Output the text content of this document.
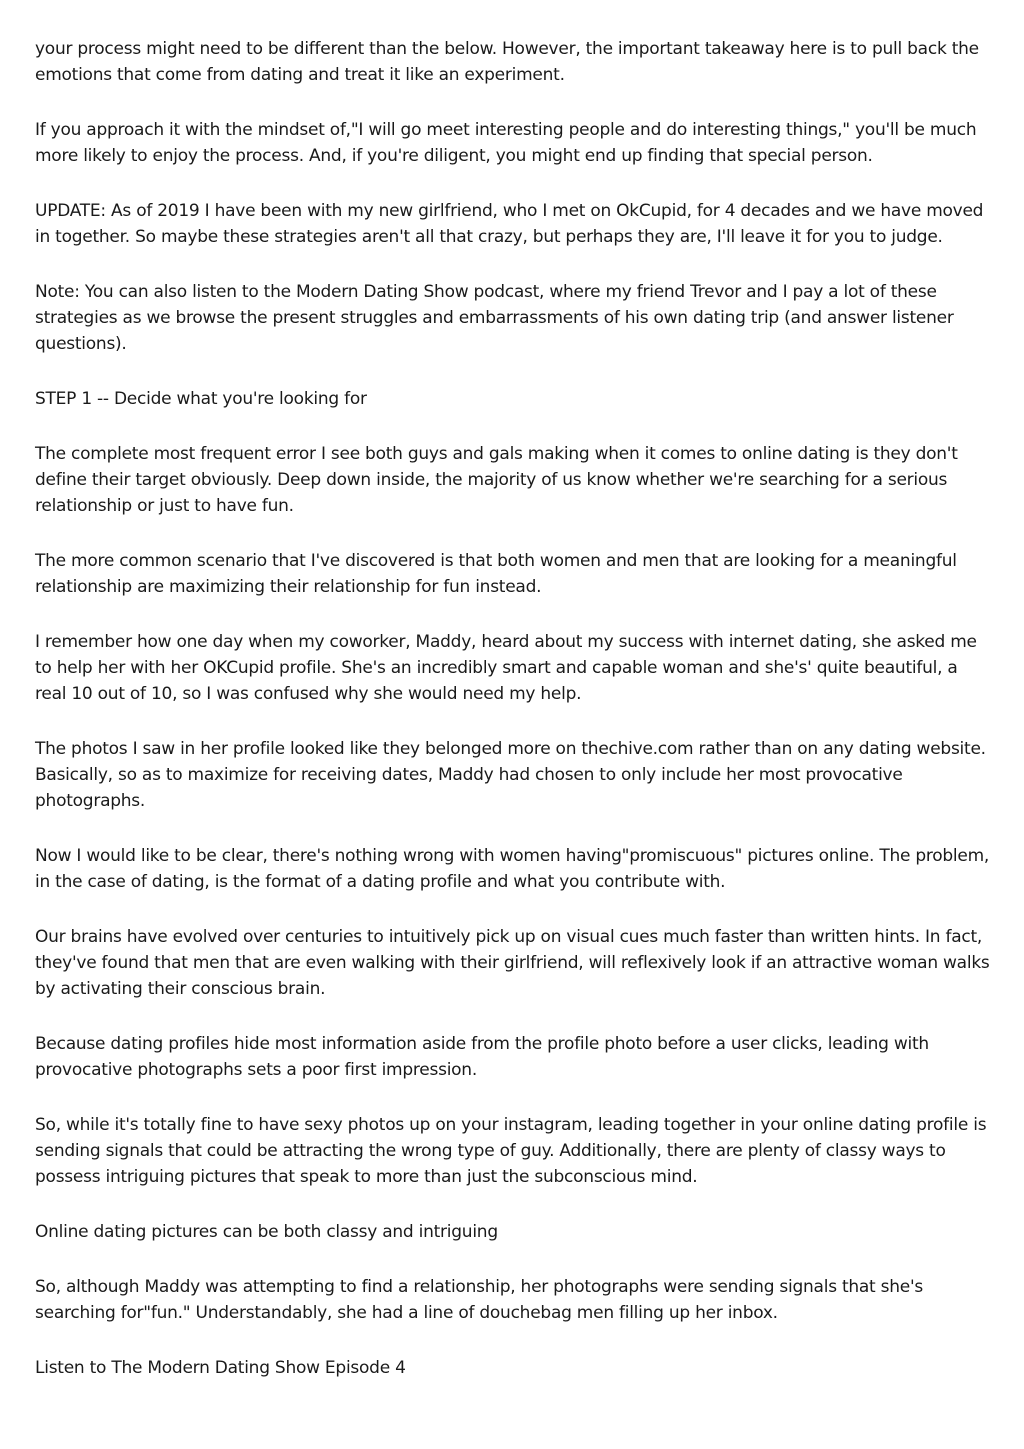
your process might need to be different than the below. However, the important takeaway here is to pull back the emotions that come from dating and treat it like an experiment.

If you approach it with the mindset of,"I will go meet interesting people and do interesting things," you'll be much more likely to enjoy the process. And, if you're diligent, you might end up finding that special person.

UPDATE: As of 2019 I have been with my new girlfriend, who I met on OkCupid, for 4 decades and we have moved in together. So maybe these strategies aren't all that crazy, but perhaps they are, I'll leave it for you to judge.

Note: You can also listen to the Modern Dating Show podcast, where my friend Trevor and I pay a lot of these strategies as we browse the present struggles and embarrassments of his own dating trip (and answer listener questions).

STEP 1 -- Decide what you're looking for

The complete most frequent error I see both guys and gals making when it comes to online dating is they don't define their target obviously. Deep down inside, the majority of us know whether we're searching for a serious relationship or just to have fun.

The more common scenario that I've discovered is that both women and men that are looking for a meaningful relationship are maximizing their relationship for fun instead.

I remember how one day when my coworker, Maddy, heard about my success with internet dating, she asked me to help her with her OKCupid profile. She's an incredibly smart and capable woman and she's' quite beautiful, a real 10 out of 10, so I was confused why she would need my help.

The photos I saw in her profile looked like they belonged more on thechive.com rather than on any dating website. Basically, so as to maximize for receiving dates, Maddy had chosen to only include her most provocative photographs.

Now I would like to be clear, there's nothing wrong with women having"promiscuous" pictures online. The problem, in the case of dating, is the format of a dating profile and what you contribute with.

Our brains have evolved over centuries to intuitively pick up on visual cues much faster than written hints. In fact, they've found that men that are even walking with their girlfriend, will reflexively look if an attractive woman walks by activating their conscious brain.

Because dating profiles hide most information aside from the profile photo before a user clicks, leading with provocative photographs sets a poor first impression.

So, while it's totally fine to have sexy photos up on your instagram, leading together in your online dating profile is sending signals that could be attracting the wrong type of guy. Additionally, there are plenty of classy ways to possess intriguing pictures that speak to more than just the subconscious mind.

Online dating pictures can be both classy and intriguing

So, although Maddy was attempting to find a relationship, her photographs were sending signals that she's searching for"fun." Understandably, she had a line of douchebag men filling up her inbox.

Listen to The Modern Dating Show Episode 4
